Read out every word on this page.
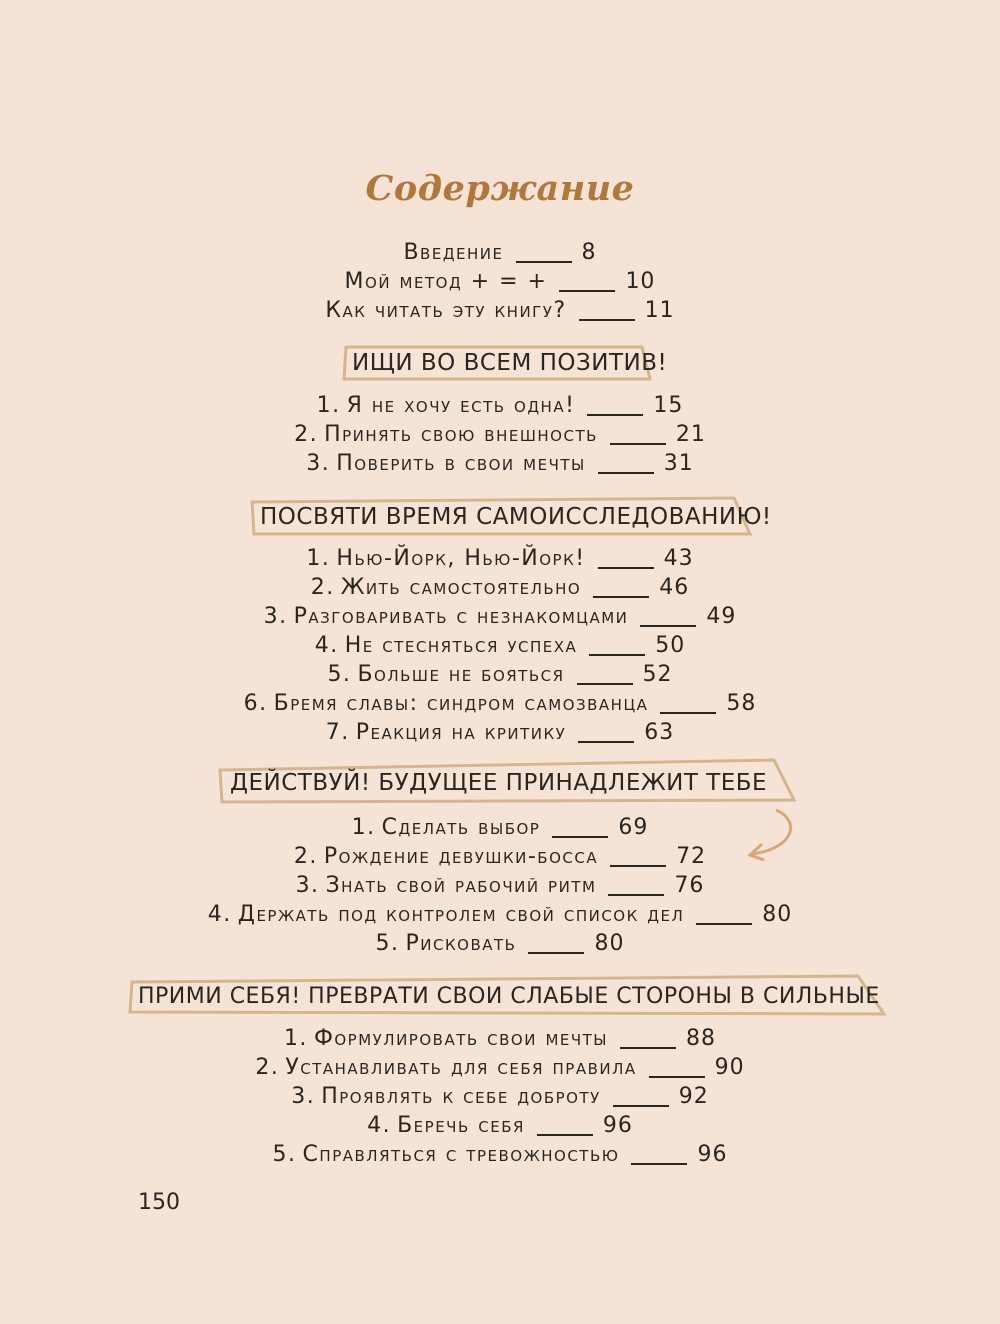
Содержание
Введение	8
Мой метод + = +	10
Как читать эту книгу?	11
ИЩИ ВО ВСЕМ ПОЗИТИВ!
1. Я не хочу есть одна!	15
2. Принять свою внешность	21
3. Поверить в свои мечты	31
ПОСВЯТИ ВРЕМЯ САМОИССЛЕДОВАНИЮ!
1. Нью-Йорк, Нью-Йорк!	43
2. Жить самостоятельно	46
3. Разговаривать с незнакомцами	49
4. Не стесняться успеха	50
5. Больше не бояться	52
6. Бремя славы: синдром самозванца	58
7. Реакция на критику	63
ДЕЙСТВУЙ! БУДУЩЕЕ ПРИНАДЛЕЖИТ ТЕБЕ
1. Сделать выбор	69
2. Рождение девушки-босса	72
3. Знать свой рабочий ритм	76
4. Держать под контролем свой список дел	80
5. Рисковать	80
ПРИМИ СЕБЯ! ПРЕВРАТИ СВОИ СЛАБЫЕ СТОРОНЫ В СИЛЬНЫЕ
1. Формулировать свои мечты	88
2. Устанавливать для себя правила	90
3. Проявлять к себе доброту	92
4. Беречь себя	96
5. Справляться с тревожностью	96
150
